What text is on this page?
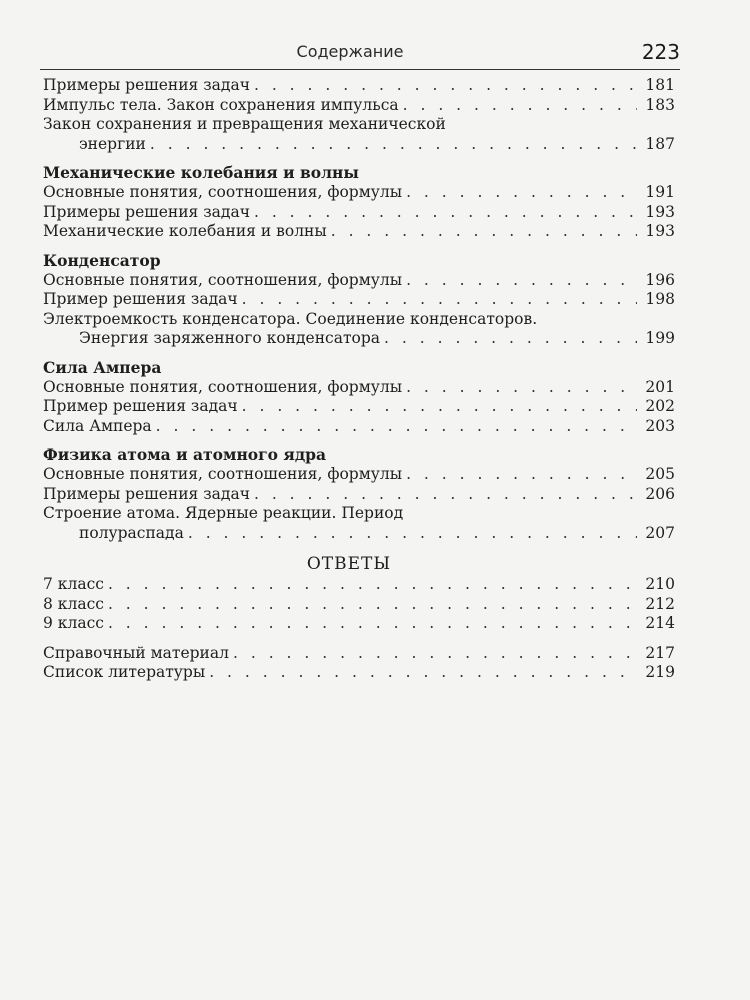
Содержание	223
Примеры решения задач . . .	181
Импульс тела. Закон сохранения импульса . . .	183
Закон сохранения и превращения механической
энергии . . .	187
Механические колебания и волны
Основные понятия, соотношения, формулы . . .	191
Примеры решения задач . . .	193
Механические колебания и волны . . .	193
Конденсатор
Основные понятия, соотношения, формулы . . .	196
Пример решения задач . . .	198
Электроемкость конденсатора. Соединение конденсаторов.
Энергия заряженного конденсатора . . .	199
Сила Ампера
Основные понятия, соотношения, формулы . . .	201
Пример решения задач . . .	202
Сила Ампера . . .	203
Физика атома и атомного ядра
Основные понятия, соотношения, формулы . . .	205
Примеры решения задач . . .	206
Строение атома. Ядерные реакции. Период
полураспада . . .	207
ОТВЕТЫ
7 класс . . .	210
8 класс . . .	212
9 класс . . .	214
Справочный материал . . .	217
Список литературы . . .	219
